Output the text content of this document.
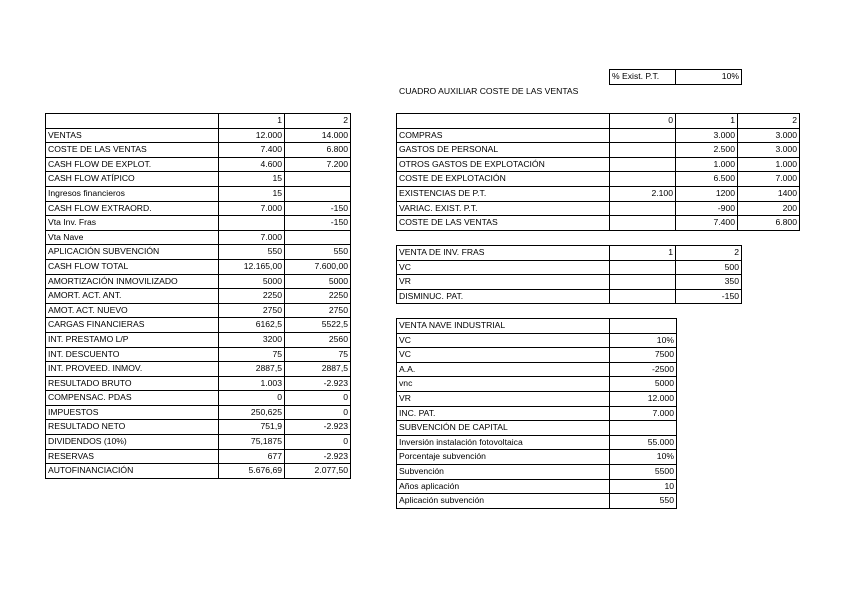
% Exist. P.T.	10%
CUADRO AUXILIAR COSTE DE LAS VENTAS
	1	2
VENTAS	12.000	14.000
COSTE DE LAS VENTAS	7.400	6.800
CASH FLOW DE EXPLOT.	4.600	7.200
CASH FLOW ATÍPICO	15	
Ingresos financieros	15	
CASH FLOW EXTRAORD.	7.000	-150
Vta Inv. Fras		-150
Vta Nave	7.000	
APLICACIÓN SUBVENCIÓN	550	550
CASH FLOW TOTAL	12.165,00	7.600,00
AMORTIZACIÓN INMOVILIZADO	5000	5000
AMORT. ACT. ANT.	2250	2250
AMOT. ACT. NUEVO	2750	2750
CARGAS FINANCIERAS	6162,5	5522,5
INT. PRESTAMO L/P	3200	2560
INT. DESCUENTO	75	75
INT. PROVEED. INMOV.	2887,5	2887,5
RESULTADO BRUTO	1.003	-2.923
COMPENSAC. PDAS	0	0
IMPUESTOS	250,625	0
RESULTADO NETO	751,9	-2.923
DIVIDENDOS (10%)	75,1875	0
RESERVAS	677	-2.923
AUTOFINANCIACIÓN	5.676,69	2.077,50
	0	1	2
COMPRAS		3.000	3.000
GASTOS DE PERSONAL		2.500	3.000
OTROS GASTOS DE EXPLOTACIÓN		1.000	1.000
COSTE DE EXPLOTACIÓN		6.500	7.000
EXISTENCIAS DE P.T.	2.100	1200	1400
VARIAC. EXIST. P.T.		-900	200
COSTE DE LAS VENTAS		7.400	6.800
VENTA DE INV. FRAS	1	2
VC		500
VR		350
DISMINUC. PAT.		-150
VENTA NAVE INDUSTRIAL	
VC	10%
VC	7500
A.A.	-2500
vnc	5000
VR	12.000
INC. PAT.	7.000
SUBVENCIÓN DE CAPITAL	
Inversión instalación fotovoltaica	55.000
Porcentaje subvención	10%
Subvención	5500
Años aplicación	10
Aplicación subvención	550
